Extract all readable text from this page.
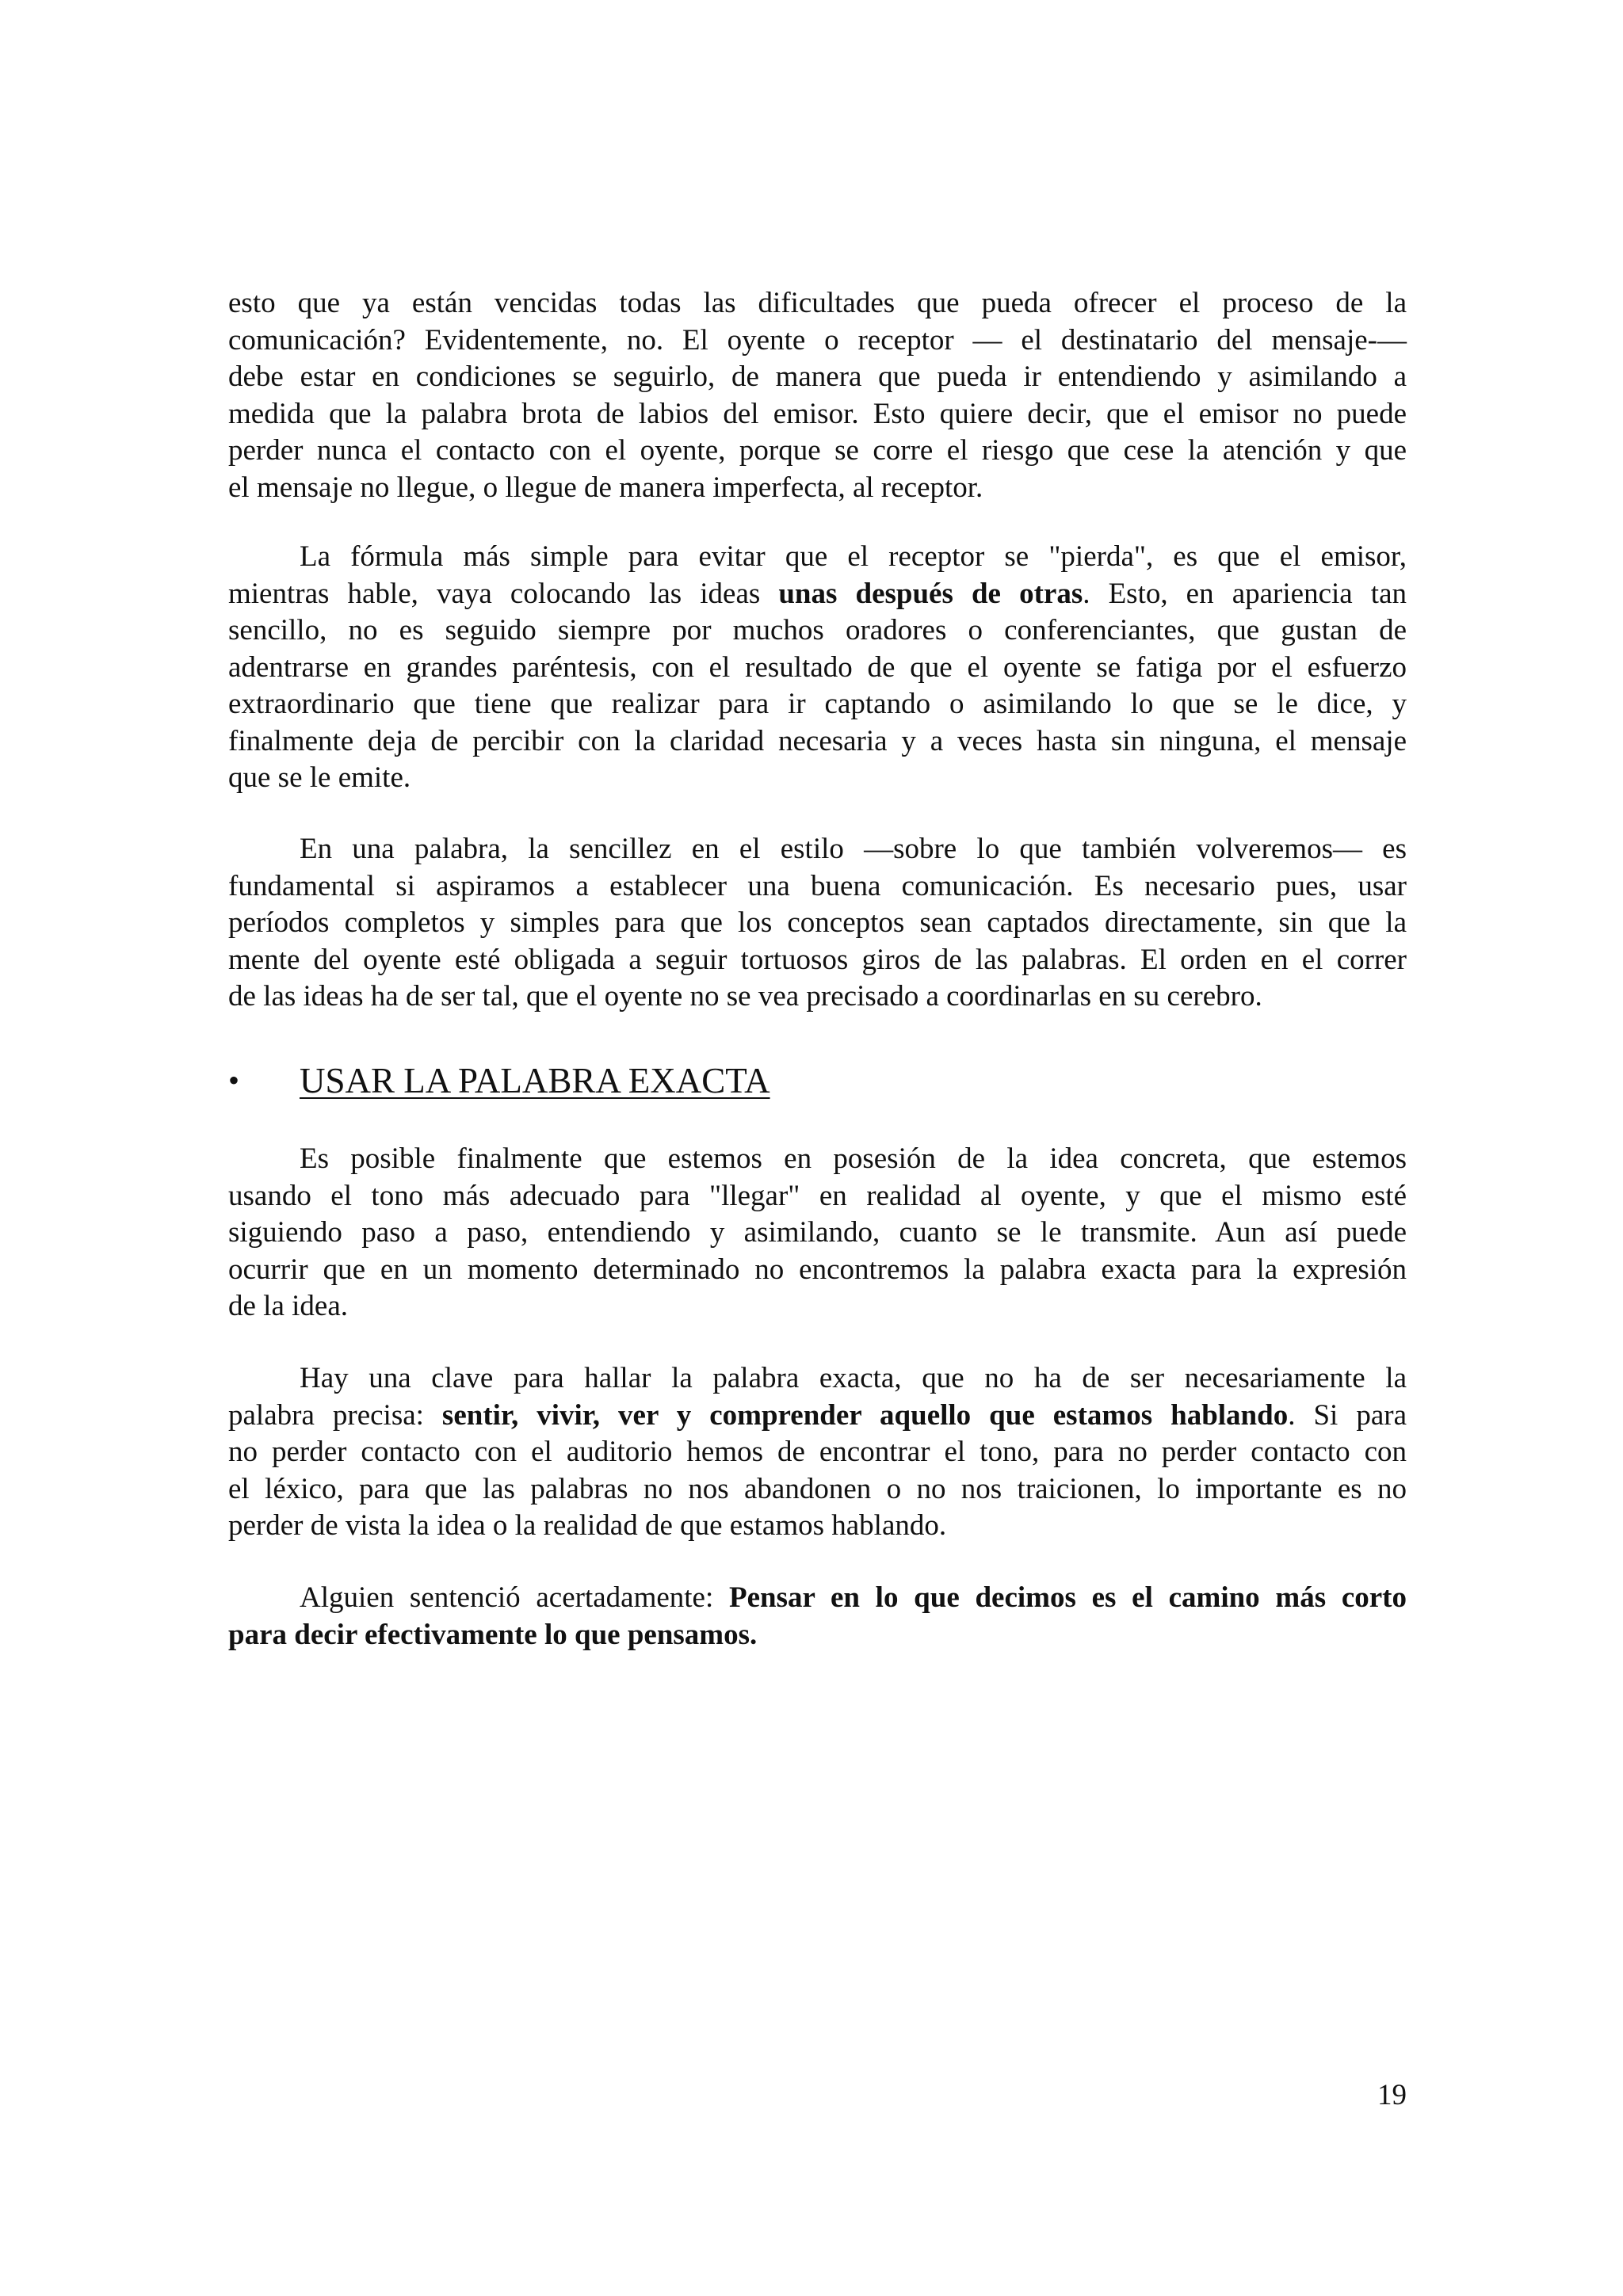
esto que ya están vencidas todas las dificultades que pueda ofrecer el proceso de la
comunicación? Evidentemente, no. El oyente o receptor — el destinatario del mensaje-—
debe estar en condiciones se seguirlo, de manera que pueda ir entendiendo y asimilando a
medida que la palabra brota de labios del emisor. Esto quiere decir, que el emisor no puede
perder nunca el contacto con el oyente, porque se corre el riesgo que cese la atención y que
el mensaje no llegue, o llegue de manera imperfecta, al receptor.
La fórmula más simple para evitar que el receptor se "pierda", es que el emisor,
mientras hable, vaya colocando las ideas unas después de otras. Esto, en apariencia tan
sencillo, no es seguido siempre por muchos oradores o conferenciantes, que gustan de
adentrarse en grandes paréntesis, con el resultado de que el oyente se fatiga por el esfuerzo
extraordinario que tiene que realizar para ir captando o asimilando lo que se le dice, y
finalmente deja de percibir con la claridad necesaria y a veces hasta sin ninguna, el mensaje
que se le emite.
En una palabra, la sencillez en el estilo —sobre lo que también volveremos— es
fundamental si aspiramos a establecer una buena comunicación. Es necesario pues, usar
períodos completos y simples para que los conceptos sean captados directamente, sin que la
mente del oyente esté obligada a seguir tortuosos giros de las palabras. El orden en el correr
de las ideas ha de ser tal, que el oyente no se vea precisado a coordinarlas en su cerebro.
• USAR LA PALABRA EXACTA
Es posible finalmente que estemos en posesión de la idea concreta, que estemos
usando el tono más adecuado para "llegar" en realidad al oyente, y que el mismo esté
siguiendo paso a paso, entendiendo y asimilando, cuanto se le transmite. Aun así puede
ocurrir que en un momento determinado no encontremos la palabra exacta para la expresión
de la idea.
Hay una clave para hallar la palabra exacta, que no ha de ser necesariamente la
palabra precisa: sentir, vivir, ver y comprender aquello que estamos hablando. Si para
no perder contacto con el auditorio hemos de encontrar el tono, para no perder contacto con
el léxico, para que las palabras no nos abandonen o no nos traicionen, lo importante es no
perder de vista la idea o la realidad de que estamos hablando.
Alguien sentenció acertadamente: Pensar en lo que decimos es el camino más corto
para decir efectivamente lo que pensamos.
19
